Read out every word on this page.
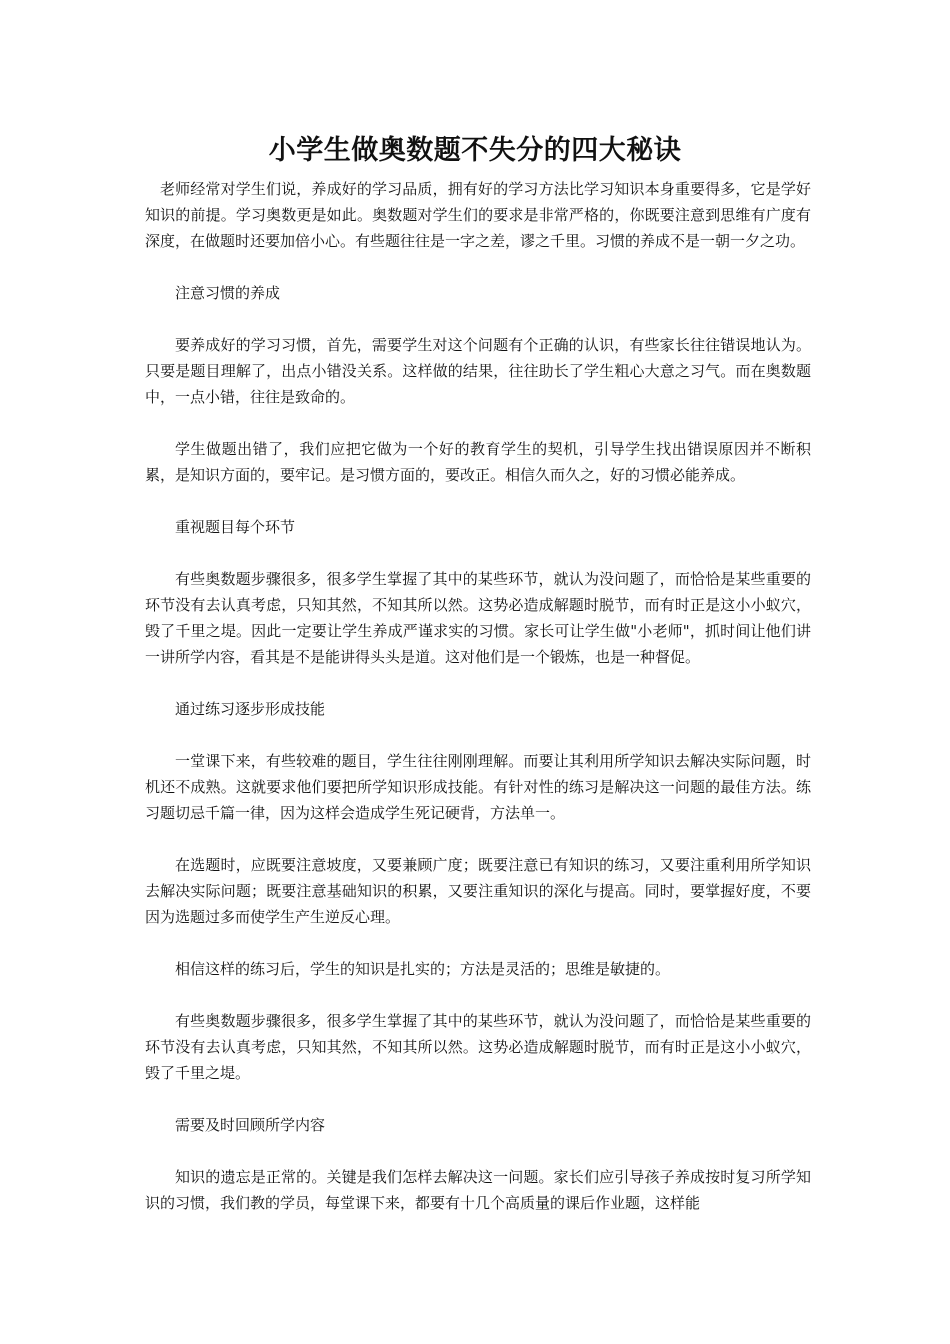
小学生做奥数题不失分的四大秘诀

老师经常对学生们说，养成好的学习品质，拥有好的学习方法比学习知识本身重要得多，它是学好知识的前提。学习奥数更是如此。奥数题对学生们的要求是非常严格的，你既要注意到思维有广度有深度，在做题时还要加倍小心。有些题往往是一字之差，谬之千里。习惯的养成不是一朝一夕之功。

注意习惯的养成

要养成好的学习习惯，首先，需要学生对这个问题有个正确的认识，有些家长往往错误地认为。只要是题目理解了，出点小错没关系。这样做的结果，往往助长了学生粗心大意之习气。而在奥数题中，一点小错，往往是致命的。

学生做题出错了，我们应把它做为一个好的教育学生的契机，引导学生找出错误原因并不断积累，是知识方面的，要牢记。是习惯方面的，要改正。相信久而久之，好的习惯必能养成。

重视题目每个环节

有些奥数题步骤很多，很多学生掌握了其中的某些环节，就认为没问题了，而恰恰是某些重要的环节没有去认真考虑，只知其然，不知其所以然。这势必造成解题时脱节，而有时正是这小小蚁穴，毁了千里之堤。因此一定要让学生养成严谨求实的习惯。家长可让学生做"小老师"，抓时间让他们讲一讲所学内容，看其是不是能讲得头头是道。这对他们是一个锻炼，也是一种督促。

通过练习逐步形成技能

一堂课下来，有些较难的题目，学生往往刚刚理解。而要让其利用所学知识去解决实际问题，时机还不成熟。这就要求他们要把所学知识形成技能。有针对性的练习是解决这一问题的最佳方法。练习题切忌千篇一律，因为这样会造成学生死记硬背，方法单一。

在选题时，应既要注意坡度，又要兼顾广度；既要注意已有知识的练习，又要注重利用所学知识去解决实际问题；既要注意基础知识的积累，又要注重知识的深化与提高。同时，要掌握好度，不要因为选题过多而使学生产生逆反心理。

相信这样的练习后，学生的知识是扎实的；方法是灵活的；思维是敏捷的。

有些奥数题步骤很多，很多学生掌握了其中的某些环节，就认为没问题了，而恰恰是某些重要的环节没有去认真考虑，只知其然，不知其所以然。这势必造成解题时脱节，而有时正是这小小蚁穴，毁了千里之堤。

需要及时回顾所学内容

知识的遗忘是正常的。关键是我们怎样去解决这一问题。家长们应引导孩子养成按时复习所学知识的习惯，我们教的学员，每堂课下来，都要有十几个高质量的课后作业题，这样能
